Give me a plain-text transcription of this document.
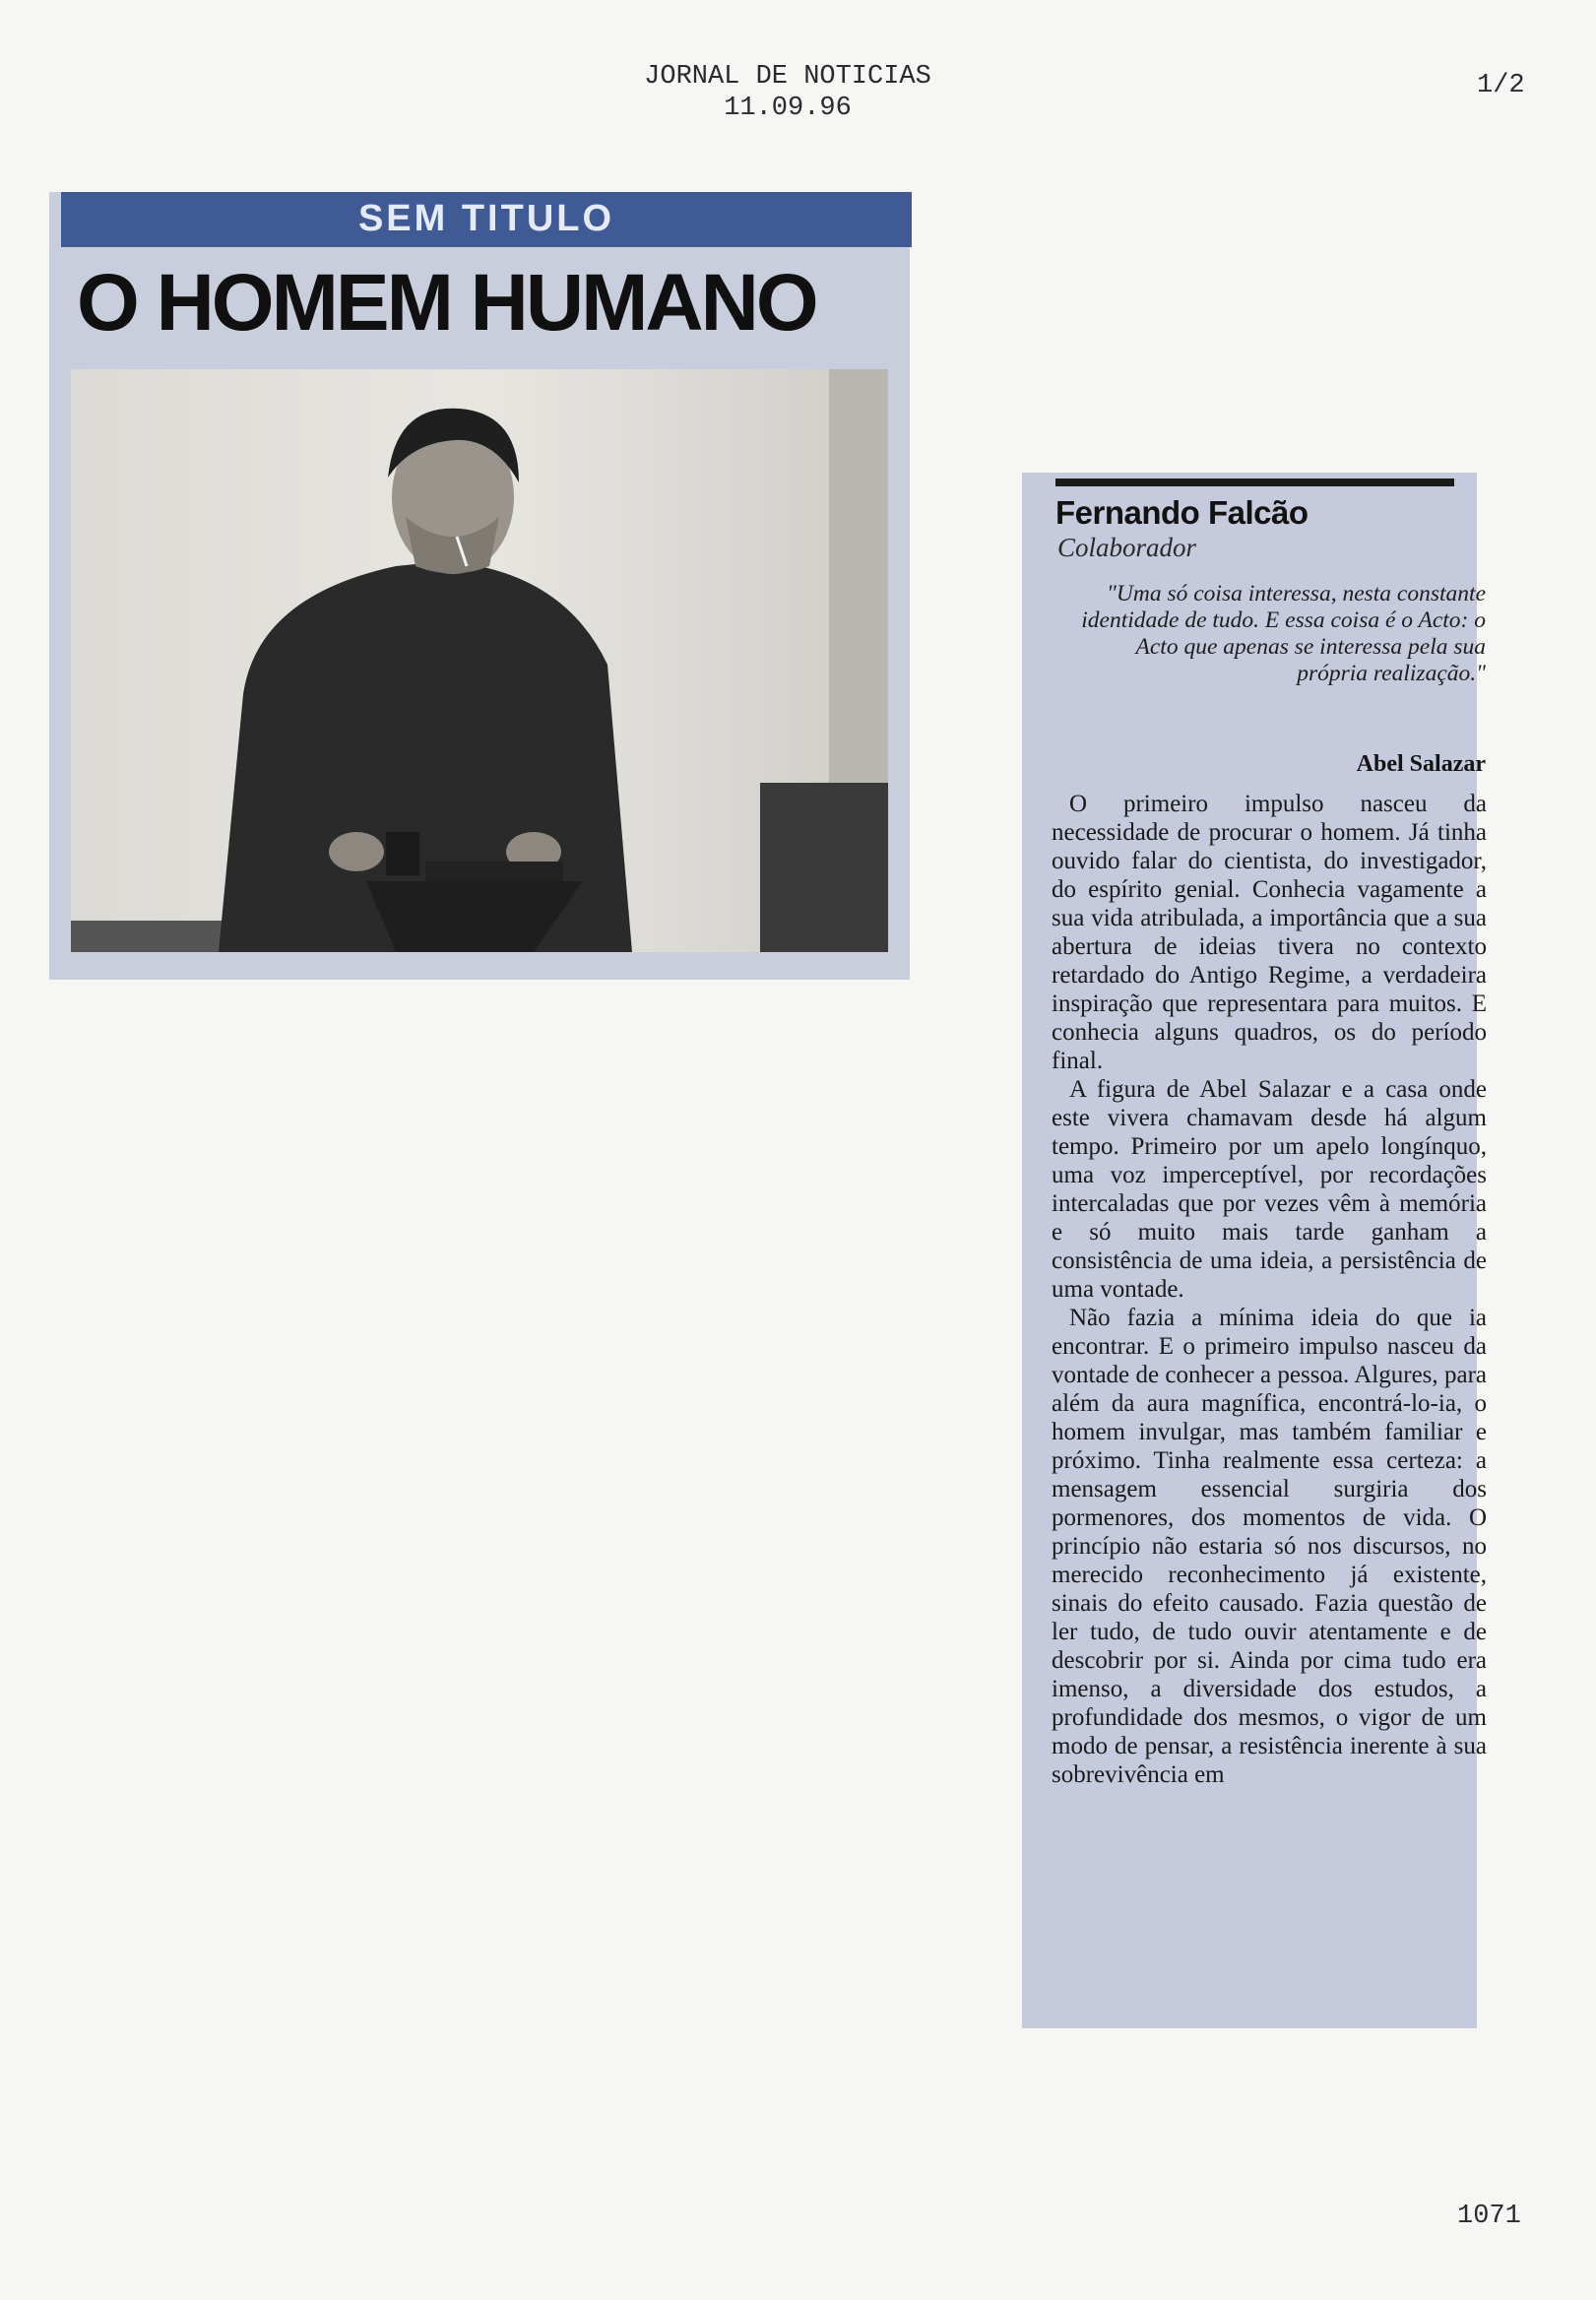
JORNAL DE NOTICIAS
11.09.96
1/2
SEM TITULO
O HOMEM HUMANO
Fernando Falcão
Colaborador

"Uma só coisa interessa, nesta constante identidade de tudo. E essa coisa é o Acto: o Acto que apenas se interessa pela sua própria realização."

Abel Salazar

O primeiro impulso nasceu da necessidade de procurar o homem. Já tinha ouvido falar do cientista, do investigador, do espírito genial. Conhecia vagamente a sua vida atribulada, a importância que a sua abertura de ideias tivera no contexto retardado do Antigo Regime, a verdadeira inspiração que representara para muitos. E conhecia alguns quadros, os do período final.

A figura de Abel Salazar e a casa onde este vivera chamavam desde há algum tempo. Primeiro por um apelo longínquo, uma voz imperceptível, por recordações intercaladas que por vezes vêm à memória e só muito mais tarde ganham a consistência de uma ideia, a persistência de uma vontade.

Não fazia a mínima ideia do que ia encontrar. E o primeiro impulso nasceu da vontade de conhecer a pessoa. Algures, para além da aura magnífica, encontrá-lo-ia, o homem invulgar, mas também familiar e próximo. Tinha realmente essa certeza: a mensagem essencial surgiria dos pormenores, dos momentos de vida. O princípio não estaria só nos discursos, no merecido reconhecimento já existente, sinais do efeito causado. Fazia questão de ler tudo, de tudo ouvir atentamente e de descobrir por si. Ainda por cima tudo era imenso, a diversidade dos estudos, a profundidade dos mesmos, o vigor de um modo de pensar, a resistência inerente à sua sobrevivência em

1071
